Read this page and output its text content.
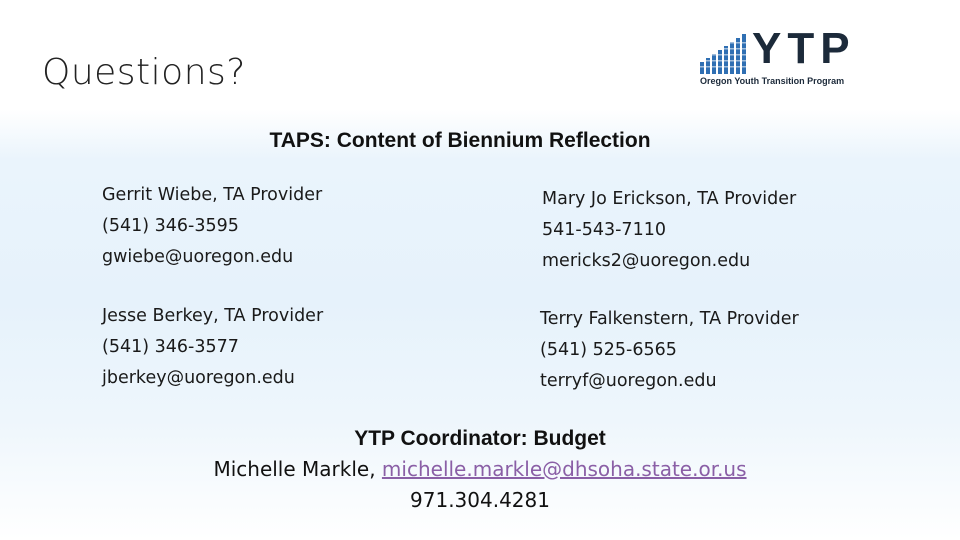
Questions?	YTP
Oregon Youth Transition Program
TAPS: Content of Biennium Reflection
Gerrit Wiebe, TA Provider
(541) 346-3595
gwiebe@uoregon.edu
Mary Jo Erickson, TA Provider
541-543-7110
mericks2@uoregon.edu
Jesse Berkey, TA Provider
(541) 346-3577
jberkey@uoregon.edu
Terry Falkenstern, TA Provider
(541) 525-6565
terryf@uoregon.edu
YTP Coordinator: Budget
Michelle Markle, michelle.markle@dhsoha.state.or.us
971.304.4281
